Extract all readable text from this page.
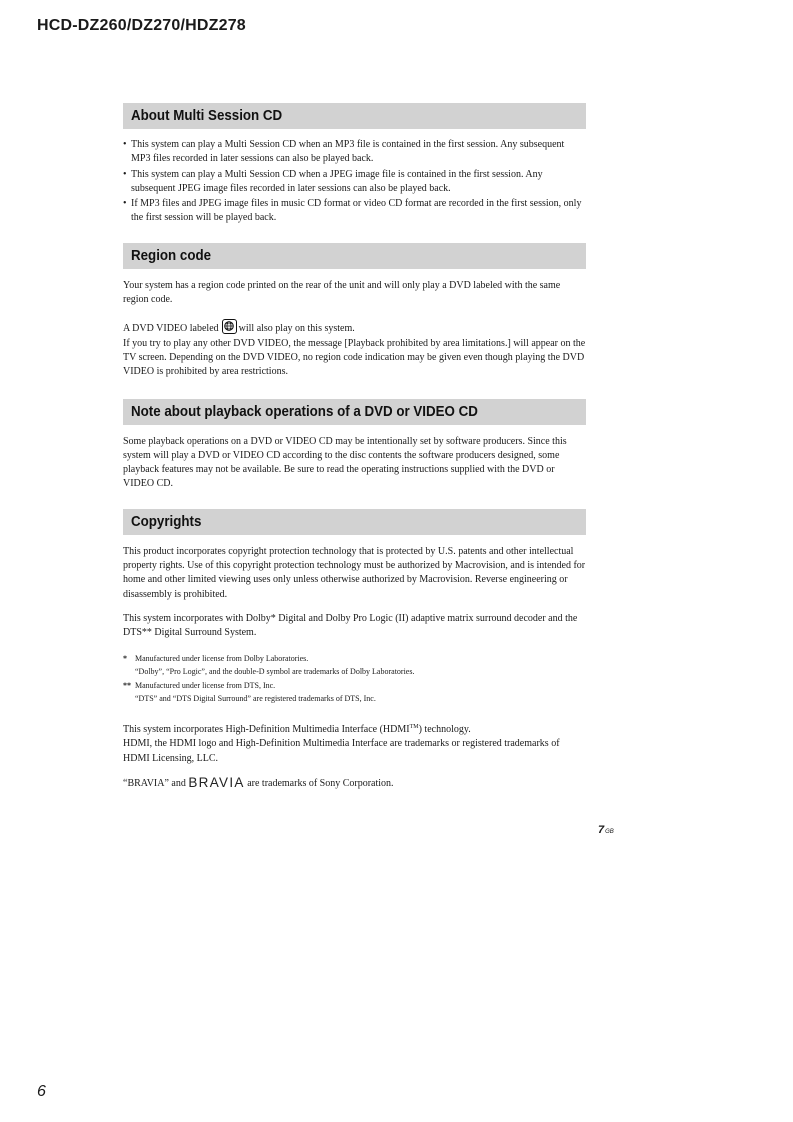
HCD-DZ260/DZ270/HDZ278
About Multi Session CD
• This system can play a Multi Session CD when an MP3 file is contained in the first session. Any subsequent MP3 files recorded in later sessions can also be played back.
• This system can play a Multi Session CD when a JPEG image file is contained in the first session. Any subsequent JPEG image files recorded in later sessions can also be played back.
• If MP3 files and JPEG image files in music CD format or video CD format are recorded in the first session, only the first session will be played back.
Region code

Your system has a region code printed on the rear of the unit and will only play a DVD labeled with the same region code.

A DVD VIDEO labeled will also play on this system.

If you try to play any other DVD VIDEO, the message [Playback prohibited by area limitations.] will appear on the TV screen. Depending on the DVD VIDEO, no region code indication may be given even though playing the DVD VIDEO is prohibited by area restrictions.

Note about playback operations of a DVD or VIDEO CD

Some playback operations on a DVD or VIDEO CD may be intentionally set by software producers. Since this system will play a DVD or VIDEO CD according to the disc contents the software producers designed, some playback features may not be available. Be sure to read the operating instructions supplied with the DVD or VIDEO CD.

Copyrights

This product incorporates copyright protection technology that is protected by U.S. patents and other intellectual property rights. Use of this copyright protection technology must be authorized by Macrovision, and is intended for home and other limited viewing uses only unless otherwise authorized by Macrovision. Reverse engineering or disassembly is prohibited.

This system incorporates with Dolby* Digital and Dolby Pro Logic (II) adaptive matrix surround decoder and the DTS** Digital Surround System.

* Manufactured under license from Dolby Laboratories.
“Dolby”, “Pro Logic”, and the double-D symbol are trademarks of Dolby Laboratories.
** Manufactured under license from DTS, Inc.
“DTS” and “DTS Digital Surround” are registered trademarks of DTS, Inc.

This system incorporates High-Definition Multimedia Interface (HDMI™) technology.
HDMI, the HDMI logo and High-Definition Multimedia Interface are trademarks or registered trademarks of HDMI Licensing, LLC.

“BRAVIA” and BRAVIA are trademarks of Sony Corporation.

7GB
6
